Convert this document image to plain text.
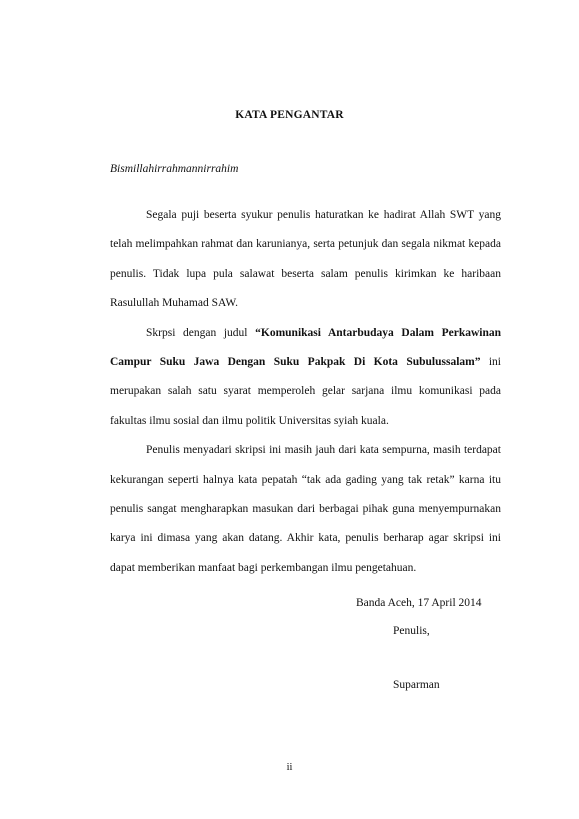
KATA PENGANTAR
Bismillahirrahmannirrahim

Segala puji beserta syukur penulis haturatkan ke hadirat Allah SWT yang telah melimpahkan rahmat dan karunianya, serta petunjuk dan segala nikmat kepada penulis. Tidak lupa pula salawat beserta salam penulis kirimkan ke haribaan Rasulullah Muhamad SAW.

Skrpsi dengan judul “Komunikasi Antarbudaya Dalam Perkawinan Campur Suku Jawa Dengan Suku Pakpak Di Kota Subulussalam” ini merupakan salah satu syarat memperoleh gelar sarjana ilmu komunikasi pada fakultas ilmu sosial dan ilmu politik Universitas syiah kuala.

Penulis menyadari skripsi ini masih jauh dari kata sempurna, masih terdapat kekurangan seperti halnya kata pepatah “tak ada gading yang tak retak” karna itu penulis sangat mengharapkan masukan dari berbagai pihak guna menyempurnakan karya ini dimasa yang akan datang. Akhir kata, penulis berharap agar skripsi ini dapat memberikan manfaat bagi perkembangan ilmu pengetahuan.

Banda Aceh, 17 April 2014
Penulis,
Suparman
ii
